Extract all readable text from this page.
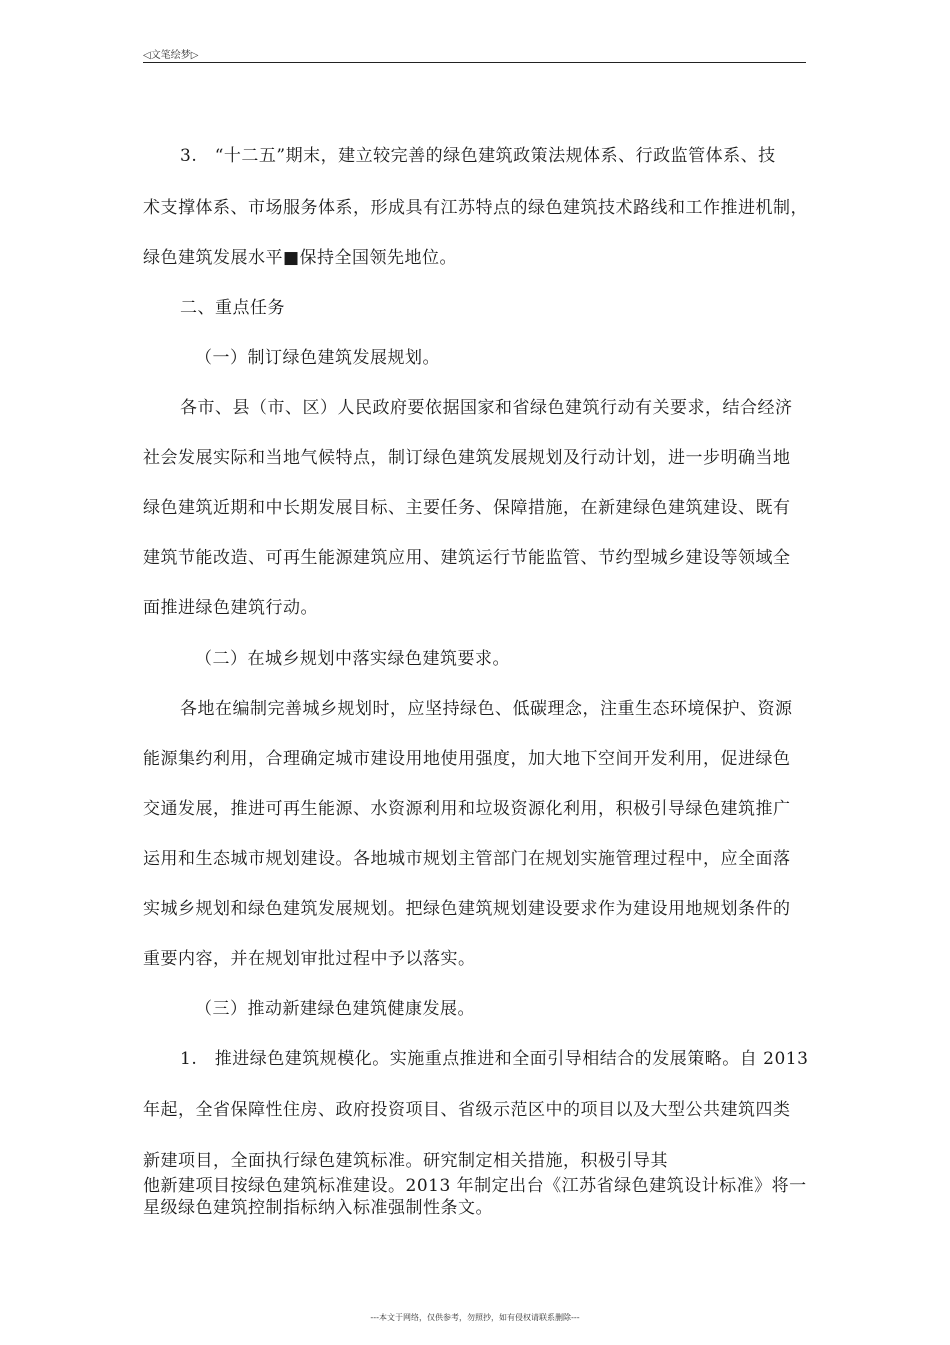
◁文笔绘梦▷
3.　“十二五”期末，建立较完善的绿色建筑政策法规体系、行政监管体系、技
术支撑体系、市场服务体系，形成具有江苏特点的绿色建筑技术路线和工作推进机制，
绿色建筑发展水平■保持全国领先地位。
二、重点任务
（一）制订绿色建筑发展规划。
各市、县（市、区）人民政府要依据国家和省绿色建筑行动有关要求，结合经济
社会发展实际和当地气候特点，制订绿色建筑发展规划及行动计划，进一步明确当地
绿色建筑近期和中长期发展目标、主要任务、保障措施，在新建绿色建筑建设、既有
建筑节能改造、可再生能源建筑应用、建筑运行节能监管、节约型城乡建设等领域全
面推进绿色建筑行动。
（二）在城乡规划中落实绿色建筑要求。
各地在编制完善城乡规划时，应坚持绿色、低碳理念，注重生态环境保护、资源
能源集约利用，合理确定城市建设用地使用强度，加大地下空间开发利用，促进绿色
交通发展，推进可再生能源、水资源利用和垃圾资源化利用，积极引导绿色建筑推广
运用和生态城市规划建设。各地城市规划主管部门在规划实施管理过程中，应全面落
实城乡规划和绿色建筑发展规划。把绿色建筑规划建设要求作为建设用地规划条件的
重要内容，并在规划审批过程中予以落实。
（三）推动新建绿色建筑健康发展。
1.　推进绿色建筑规模化。实施重点推进和全面引导相结合的发展策略。自 2013
年起，全省保障性住房、政府投资项目、省级示范区中的项目以及大型公共建筑四类
新建项目，全面执行绿色建筑标准。研究制定相关措施，积极引导其
他新建项目按绿色建筑标准建设。2013 年制定出台《江苏省绿色建筑设计标准》将一
星级绿色建筑控制指标纳入标准强制性条文。
---本文于网络，仅供参考，勿照抄，如有侵权请联系删除---
